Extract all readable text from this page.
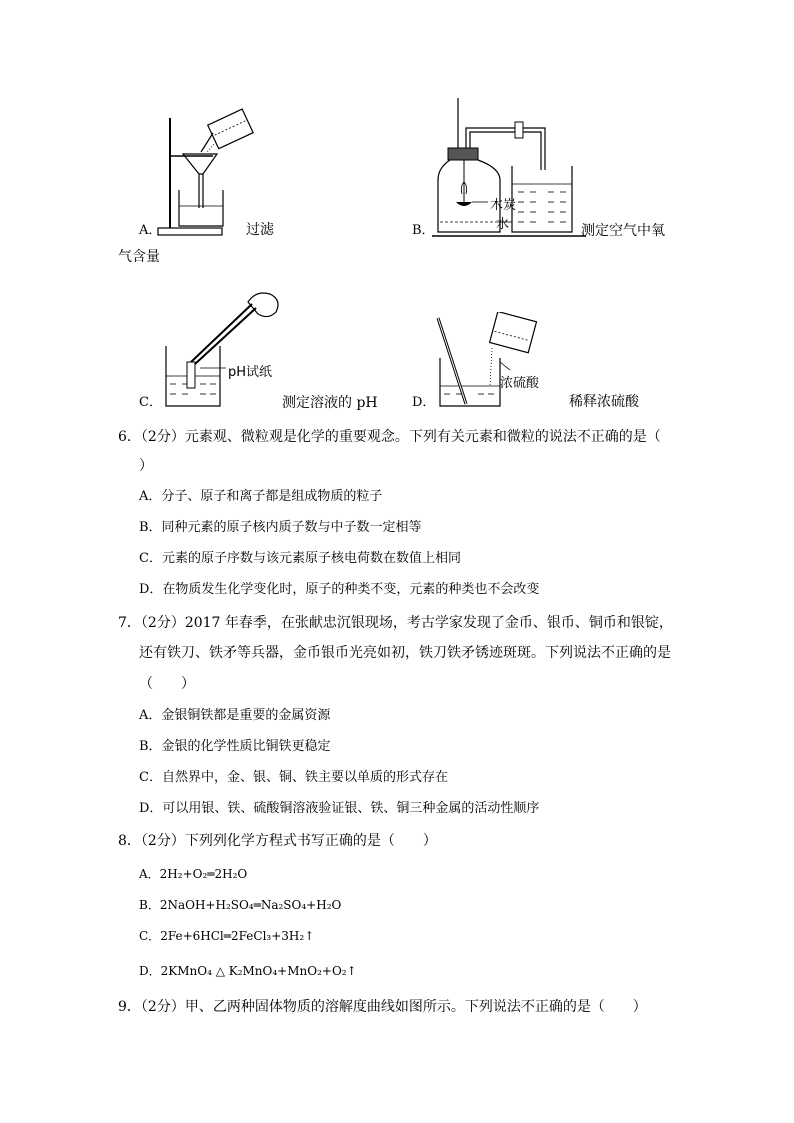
A．	过滤
木炭
水
B．	测定空气中氧
气含量
pH试纸
C．	测定溶液的 pH
浓硫酸
D．	稀释浓硫酸
6．（2分）元素观、微粒观是化学的重要观念。下列有关元素和微粒的说法不正确的是（
）
A．分子、原子和离子都是组成物质的粒子
B．同种元素的原子核内质子数与中子数一定相等
C．元素的原子序数与该元素原子核电荷数在数值上相同
D．在物质发生化学变化时，原子的种类不变，元素的种类也不会改变
7．（2分）2017 年春季，在张献忠沉银现场，考古学家发现了金币、银币、铜币和银锭，
还有铁刀、铁矛等兵器，金币银币光亮如初，铁刀铁矛锈迹斑斑。下列说法不正确的是
（　　）
A．金银铜铁都是重要的金属资源
B．金银的化学性质比铜铁更稳定
C．自然界中，金、银、铜、铁主要以单质的形式存在
D．可以用银、铁、硫酸铜溶液验证银、铁、铜三种金属的活动性顺序
8．（2分）下列列化学方程式书写正确的是（　　）
A．2H₂+O₂═2H₂O
B．2NaOH+H₂SO₄═Na₂SO₄+H₂O
C．2Fe+6HCl═2FeCl₃+3H₂↑
D．2KMnO₄ △ K₂MnO₄+MnO₂+O₂↑
9．（2分）甲、乙两种固体物质的溶解度曲线如图所示。下列说法不正确的是（　　）
